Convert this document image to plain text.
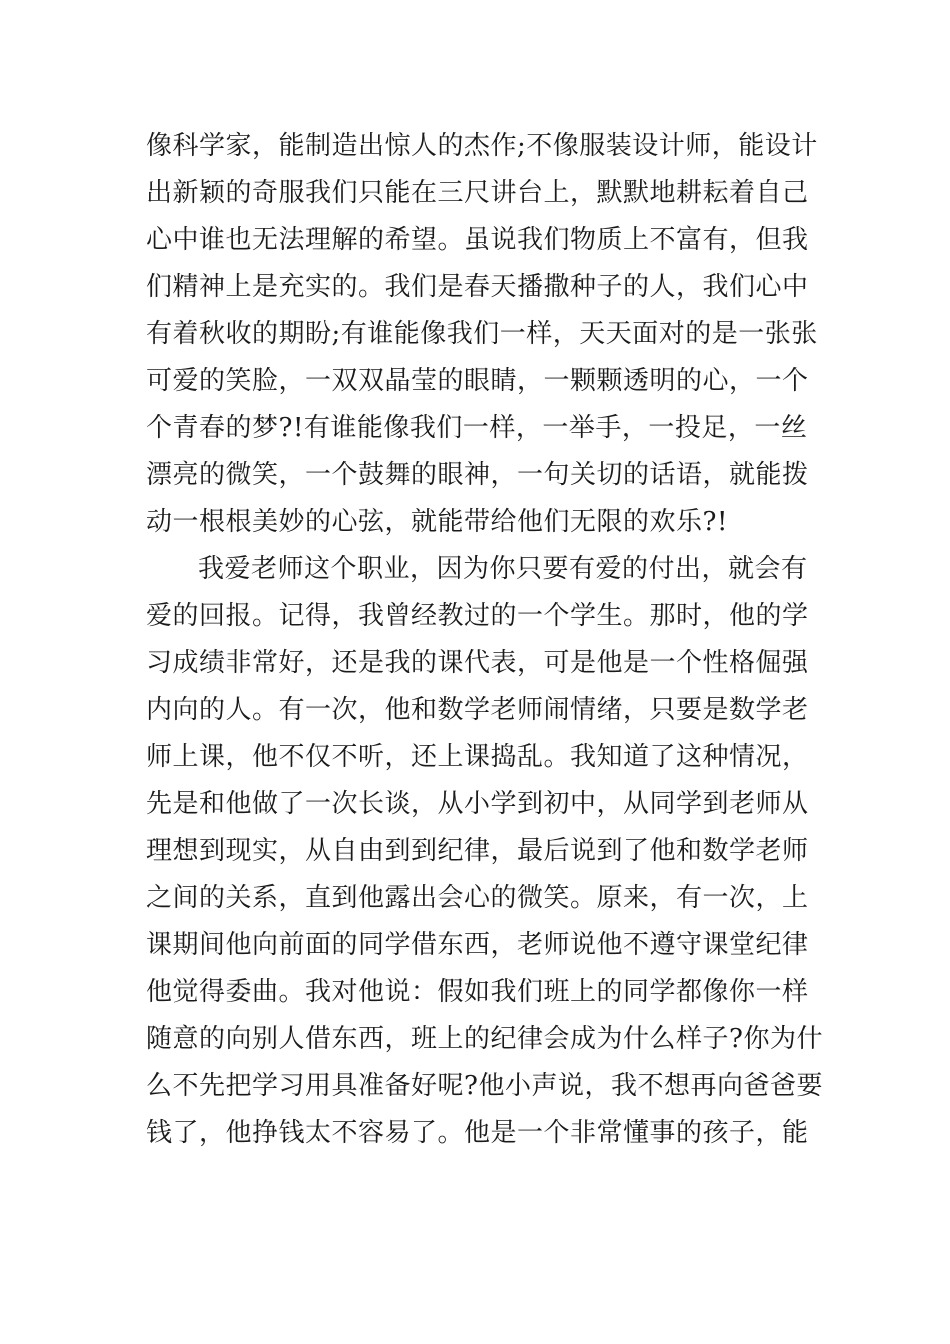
像科学家，能制造出惊人的杰作;不像服装设计师，能设计
出新颖的奇服我们只能在三尺讲台上，默默地耕耘着自己
心中谁也无法理解的希望。虽说我们物质上不富有，但我
们精神上是充实的。我们是春天播撒种子的人，我们心中
有着秋收的期盼;有谁能像我们一样，天天面对的是一张张
可爱的笑脸，一双双晶莹的眼睛，一颗颗透明的心，一个
个青春的梦?!有谁能像我们一样，一举手，一投足，一丝
漂亮的微笑，一个鼓舞的眼神，一句关切的话语，就能拨
动一根根美妙的心弦，就能带给他们无限的欢乐?!
我爱老师这个职业，因为你只要有爱的付出，就会有
爱的回报。记得，我曾经教过的一个学生。那时，他的学
习成绩非常好，还是我的课代表，可是他是一个性格倔强
内向的人。有一次，他和数学老师闹情绪，只要是数学老
师上课，他不仅不听，还上课捣乱。我知道了这种情况，
先是和他做了一次长谈，从小学到初中，从同学到老师从
理想到现实，从自由到到纪律，最后说到了他和数学老师
之间的关系，直到他露出会心的微笑。原来，有一次，上
课期间他向前面的同学借东西，老师说他不遵守课堂纪律
他觉得委曲。我对他说：假如我们班上的同学都像你一样
随意的向别人借东西，班上的纪律会成为什么样子?你为什
么不先把学习用具准备好呢?他小声说，我不想再向爸爸要
钱了，他挣钱太不容易了。他是一个非常懂事的孩子，能
